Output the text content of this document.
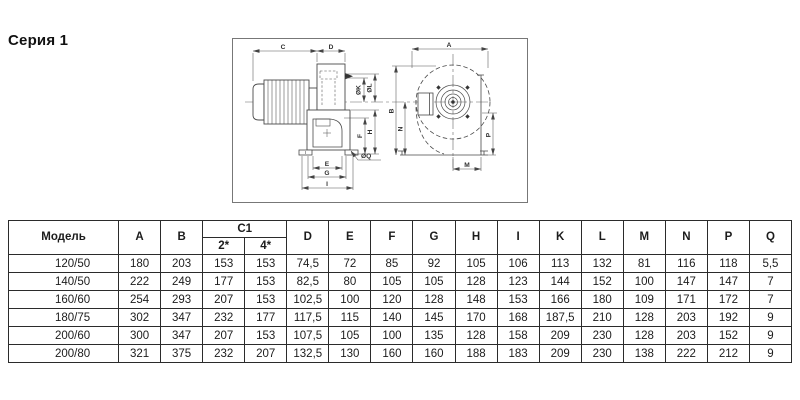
Серия 1	C	D
ØK ØL
F
H
E
G
I
ØQ
A
B
N
P
M
Модель	A	B	C1		D	E	F	G	H	I	K	L	M	N	P	Q
			2*	4*												
120/50	180	203	153	153	74,5	72	85	92	105	106	113	132	81	116	118	5,5
140/50	222	249	177	153	82,5	80	105	105	128	123	144	152	100	147	147	7
160/60	254	293	207	153	102,5	100	120	128	148	153	166	180	109	171	172	7
180/75	302	347	232	177	117,5	115	140	145	170	168	187,5	210	128	203	192	9
200/60	300	347	207	153	107,5	105	100	135	128	158	209	230	128	203	152	9
200/80	321	375	232	207	132,5	130	160	160	188	183	209	230	138	222	212	9
